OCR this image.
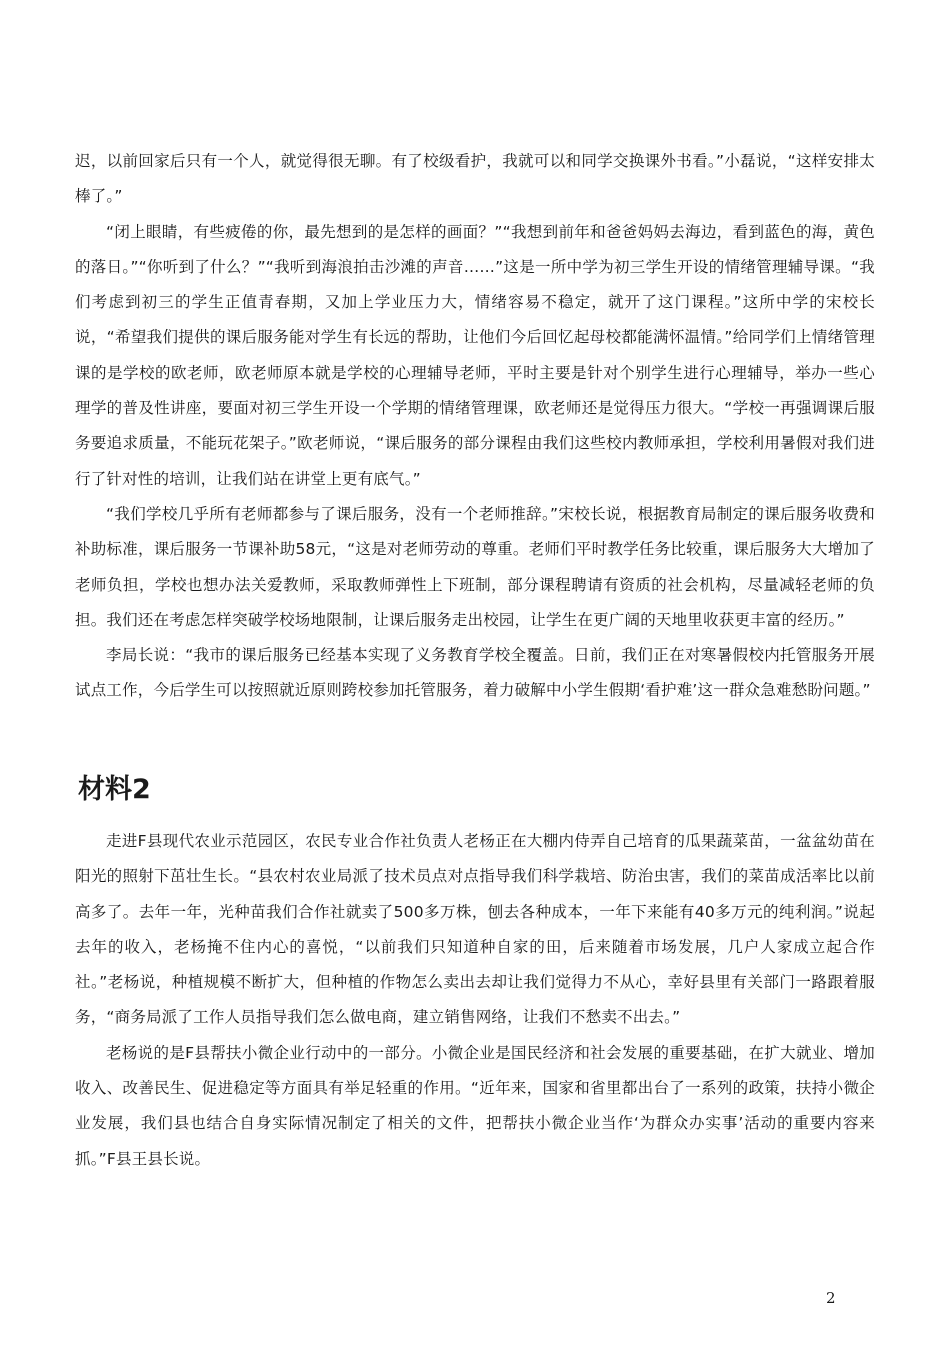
迟，以前回家后只有一个人，就觉得很无聊。有了校级看护，我就可以和同学交换课外书看。”小磊说，“这样安排太棒了。”

“闭上眼睛，有些疲倦的你，最先想到的是怎样的画面？”“我想到前年和爸爸妈妈去海边，看到蓝色的海，黄色的落日。”“你听到了什么？”“我听到海浪拍击沙滩的声音……”这是一所中学为初三学生开设的情绪管理辅导课。“我们考虑到初三的学生正值青春期，又加上学业压力大，情绪容易不稳定，就开了这门课程。”这所中学的宋校长说，“希望我们提供的课后服务能对学生有长远的帮助，让他们今后回忆起母校都能满怀温情。”给同学们上情绪管理课的是学校的欧老师，欧老师原本就是学校的心理辅导老师，平时主要是针对个别学生进行心理辅导，举办一些心理学的普及性讲座，要面对初三学生开设一个学期的情绪管理课，欧老师还是觉得压力很大。“学校一再强调课后服务要追求质量，不能玩花架子。”欧老师说，“课后服务的部分课程由我们这些校内教师承担，学校利用暑假对我们进行了针对性的培训，让我们站在讲堂上更有底气。”

“我们学校几乎所有老师都参与了课后服务，没有一个老师推辞。”宋校长说，根据教育局制定的课后服务收费和补助标准，课后服务一节课补助58元，“这是对老师劳动的尊重。老师们平时教学任务比较重，课后服务大大增加了老师负担，学校也想办法关爱教师，采取教师弹性上下班制，部分课程聘请有资质的社会机构，尽量减轻老师的负担。我们还在考虑怎样突破学校场地限制，让课后服务走出校园，让学生在更广阔的天地里收获更丰富的经历。”

李局长说：“我市的课后服务已经基本实现了义务教育学校全覆盖。日前，我们正在对寒暑假校内托管服务开展试点工作，今后学生可以按照就近原则跨校参加托管服务，着力破解中小学生假期‘看护难’这一群众急难愁盼问题。”

材料2

走进F县现代农业示范园区，农民专业合作社负责人老杨正在大棚内侍弄自己培育的瓜果蔬菜苗，一盆盆幼苗在阳光的照射下茁壮生长。“县农村农业局派了技术员点对点指导我们科学栽培、防治虫害，我们的菜苗成活率比以前高多了。去年一年，光种苗我们合作社就卖了500多万株，刨去各种成本，一年下来能有40多万元的纯利润。”说起去年的收入，老杨掩不住内心的喜悦，“以前我们只知道种自家的田，后来随着市场发展，几户人家成立起合作社。”老杨说，种植规模不断扩大，但种植的作物怎么卖出去却让我们觉得力不从心，幸好县里有关部门一路跟着服务，“商务局派了工作人员指导我们怎么做电商，建立销售网络，让我们不愁卖不出去。”

老杨说的是F县帮扶小微企业行动中的一部分。小微企业是国民经济和社会发展的重要基础，在扩大就业、增加收入、改善民生、促进稳定等方面具有举足轻重的作用。“近年来，国家和省里都出台了一系列的政策，扶持小微企业发展，我们县也结合自身实际情况制定了相关的文件，把帮扶小微企业当作‘为群众办实事’活动的重要内容来抓。”F县王县长说。

2
